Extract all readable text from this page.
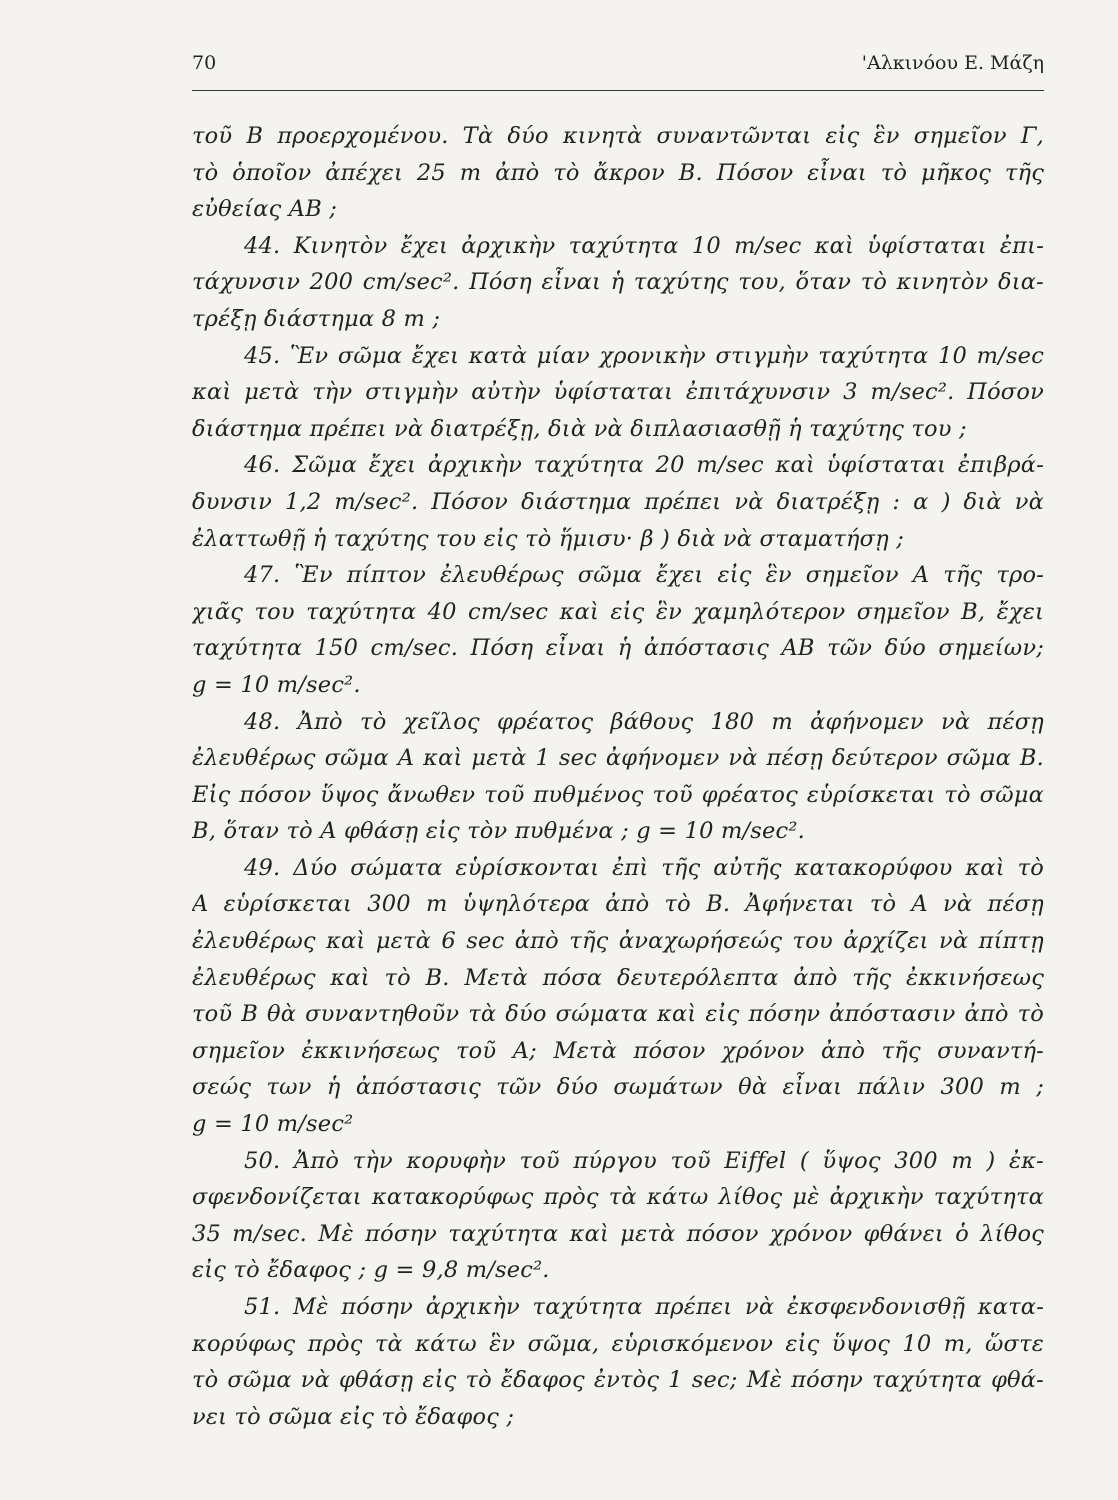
70	'Αλκινόου Ε. Μάζη
τοῦ Β προερχομένου. Τὰ δύο κινητὰ συναντῶνται εἰς ἓν σημεῖον Γ,
τὸ ὁποῖον ἀπέχει 25 m ἀπὸ τὸ ἄκρον Β. Πόσον εἶναι τὸ μῆκος τῆς
εὐθείας ΑΒ ;
44. Κινητὸν ἔχει ἀρχικὴν ταχύτητα 10 m/sec καὶ ὑφίσταται ἐπι-
τάχυνσιν 200 cm/sec². Πόση εἶναι ἡ ταχύτης του, ὅταν τὸ κινητὸν δια-
τρέξῃ διάστημα 8 m ;
45. Ἓν σῶμα ἔχει κατὰ μίαν χρονικὴν στιγμὴν ταχύτητα 10 m/sec
καὶ μετὰ τὴν στιγμὴν αὐτὴν ὑφίσταται ἐπιτάχυνσιν 3 m/sec². Πόσον
διάστημα πρέπει νὰ διατρέξῃ, διὰ νὰ διπλασιασθῇ ἡ ταχύτης του ;
46. Σῶμα ἔχει ἀρχικὴν ταχύτητα 20 m/sec καὶ ὑφίσταται ἐπιβρά-
δυνσιν 1,2 m/sec². Πόσον διάστημα πρέπει νὰ διατρέξῃ : α ) διὰ νὰ
ἐλαττωθῇ ἡ ταχύτης του εἰς τὸ ἥμισυ· β ) διὰ νὰ σταματήσῃ ;
47. Ἓν πίπτον ἐλευθέρως σῶμα ἔχει εἰς ἓν σημεῖον Α τῆς τρο-
χιᾶς του ταχύτητα 40 cm/sec καὶ εἰς ἓν χαμηλότερον σημεῖον Β, ἔχει
ταχύτητα 150 cm/sec. Πόση εἶναι ἡ ἀπόστασις ΑΒ τῶν δύο σημείων;
g = 10 m/sec².
48. Ἀπὸ τὸ χεῖλος φρέατος βάθους 180 m ἀφήνομεν νὰ πέσῃ
ἐλευθέρως σῶμα Α καὶ μετὰ 1 sec ἀφήνομεν νὰ πέσῃ δεύτερον σῶμα Β.
Εἰς πόσον ὕψος ἄνωθεν τοῦ πυθμένος τοῦ φρέατος εὑρίσκεται τὸ σῶμα
Β, ὅταν τὸ Α φθάσῃ εἰς τὸν πυθμένα ; g = 10 m/sec².
49. Δύο σώματα εὑρίσκονται ἐπὶ τῆς αὐτῆς κατακορύφου καὶ τὸ
Α εὑρίσκεται 300 m ὑψηλότερα ἀπὸ τὸ Β. Ἀφήνεται τὸ Α νὰ πέσῃ
ἐλευθέρως καὶ μετὰ 6 sec ἀπὸ τῆς ἀναχωρήσεώς του ἀρχίζει νὰ πίπτῃ
ἐλευθέρως καὶ τὸ Β. Μετὰ πόσα δευτερόλεπτα ἀπὸ τῆς ἐκκινήσεως
τοῦ Β θὰ συναντηθοῦν τὰ δύο σώματα καὶ εἰς πόσην ἀπόστασιν ἀπὸ τὸ
σημεῖον ἐκκινήσεως τοῦ Α; Μετὰ πόσον χρόνον ἀπὸ τῆς συναντή-
σεώς των ἡ ἀπόστασις τῶν δύο σωμάτων θὰ εἶναι πάλιν 300 m ;
g = 10 m/sec²
50. Ἀπὸ τὴν κορυφὴν τοῦ πύργου τοῦ Eiffel ( ὕψος 300 m ) ἐκ-
σφενδονίζεται κατακορύφως πρὸς τὰ κάτω λίθος μὲ ἀρχικὴν ταχύτητα
35 m/sec. Μὲ πόσην ταχύτητα καὶ μετὰ πόσον χρόνον φθάνει ὁ λίθος
εἰς τὸ ἔδαφος ; g = 9,8 m/sec².
51. Μὲ πόσην ἀρχικὴν ταχύτητα πρέπει νὰ ἐκσφενδονισθῇ κατα-
κορύφως πρὸς τὰ κάτω ἓν σῶμα, εὑρισκόμενον εἰς ὕψος 10 m, ὥστε
τὸ σῶμα νὰ φθάσῃ εἰς τὸ ἔδαφος ἐντὸς 1 sec; Μὲ πόσην ταχύτητα φθά-
νει τὸ σῶμα εἰς τὸ ἔδαφος ;
